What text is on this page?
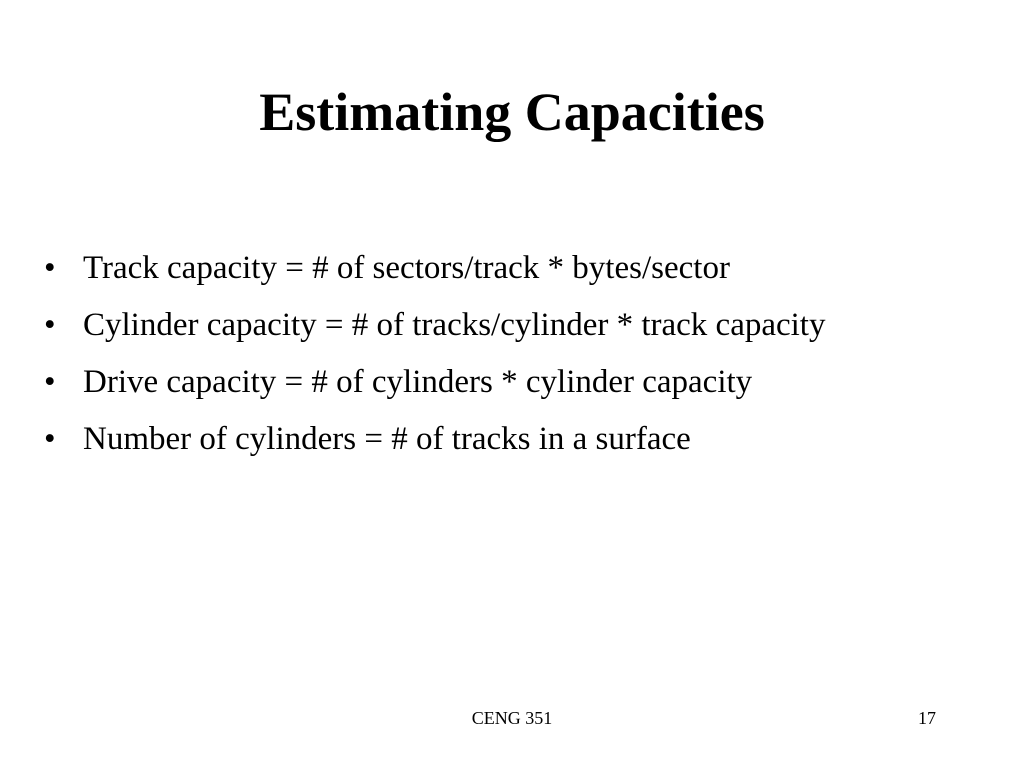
Estimating Capacities
• Track capacity = # of sectors/track * bytes/sector
• Cylinder capacity = # of tracks/cylinder * track capacity
• Drive capacity = # of cylinders * cylinder capacity
• Number of cylinders = # of tracks in a surface
CENG 351	17
